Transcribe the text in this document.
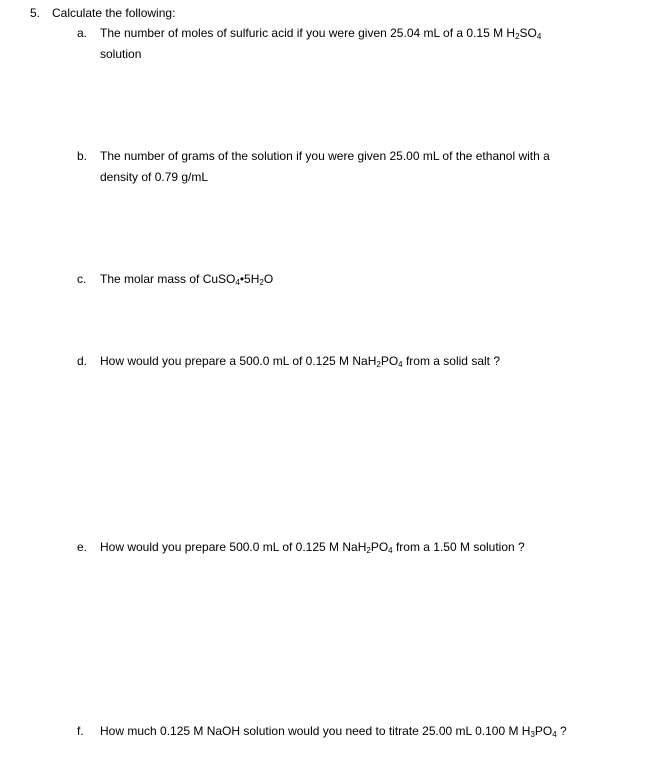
5. Calculate the following:
a. The number of moles of sulfuric acid if you were given 25.04 mL of a 0.15 M $H_2SO_4$
solution
b. The number of grams of the solution if you were given 25.00 mL of the ethanol with a
density of 0.79 g/mL
c. The molar mass of $CuSO_4•5H_2O$
d. How would you prepare a 500.0 mL of 0.125 M $NaH_2PO_4$ from a solid salt ?
e. How would you prepare 500.0 mL of 0.125 M $NaH_2PO_4$ from a 1.50 M solution ?
f. How much 0.125 M NaOH solution would you need to titrate 25.00 mL 0.100 M $H_3PO_4$ ?
